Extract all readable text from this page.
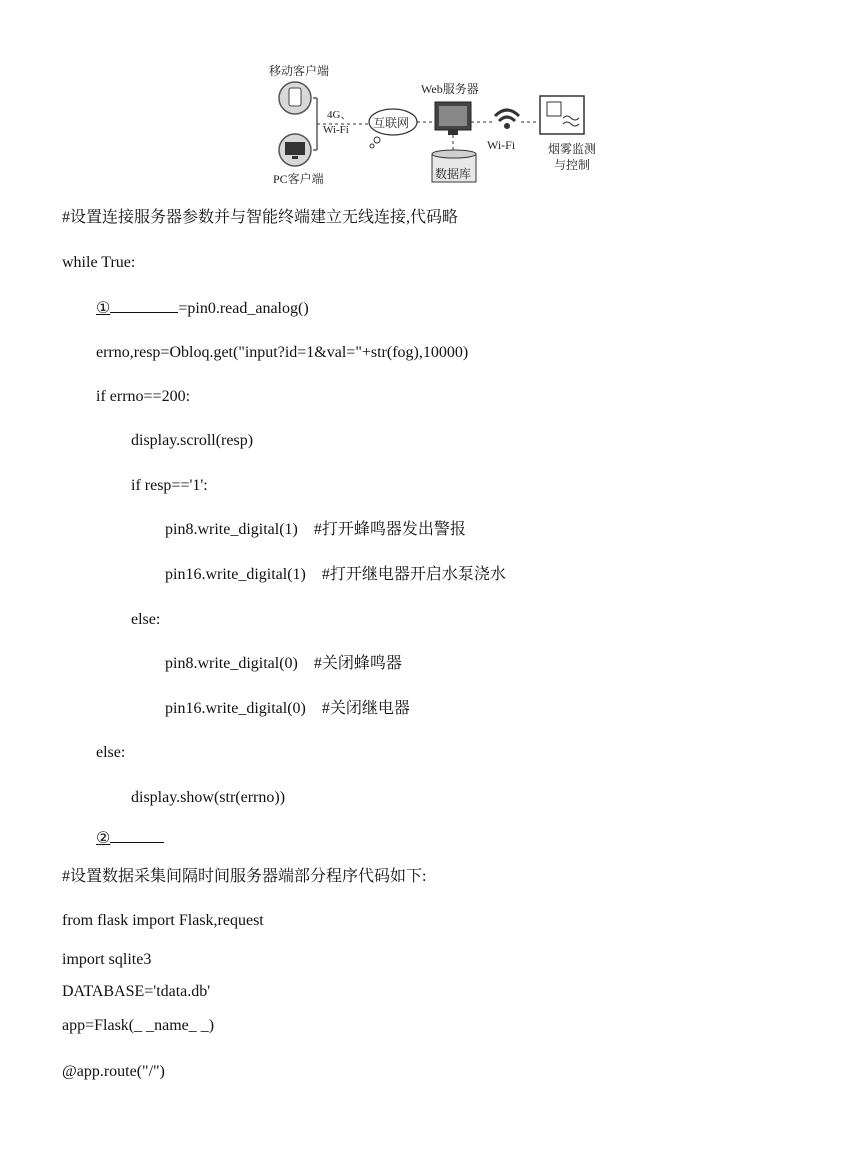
移动客户端
PC客户端
4G、
Wi-Fi 互联网
Web服务器
数据库
Wi-Fi	烟雾监测
与控制
#设置连接服务器参数并与智能终端建立无线连接,代码略
while True:
①	=pin0.read_analog()
errno,resp=Obloq.get("input?id=1&val="+str(fog),10000)
if errno==200:
display.scroll(resp)
if resp=='1':
pin8.write_digital(1)    #打开蜂鸣器发出警报
pin16.write_digital(1)    #打开继电器开启水泵浇水
else:
pin8.write_digital(0)    #关闭蜂鸣器
pin16.write_digital(0)    #关闭继电器
else:
display.show(str(errno))
②
#设置数据采集间隔时间服务器端部分程序代码如下:
from flask import Flask,request
import sqlite3
DATABASE='tdata.db'
app=Flask(_ _name_ _)
@app.route("/")
